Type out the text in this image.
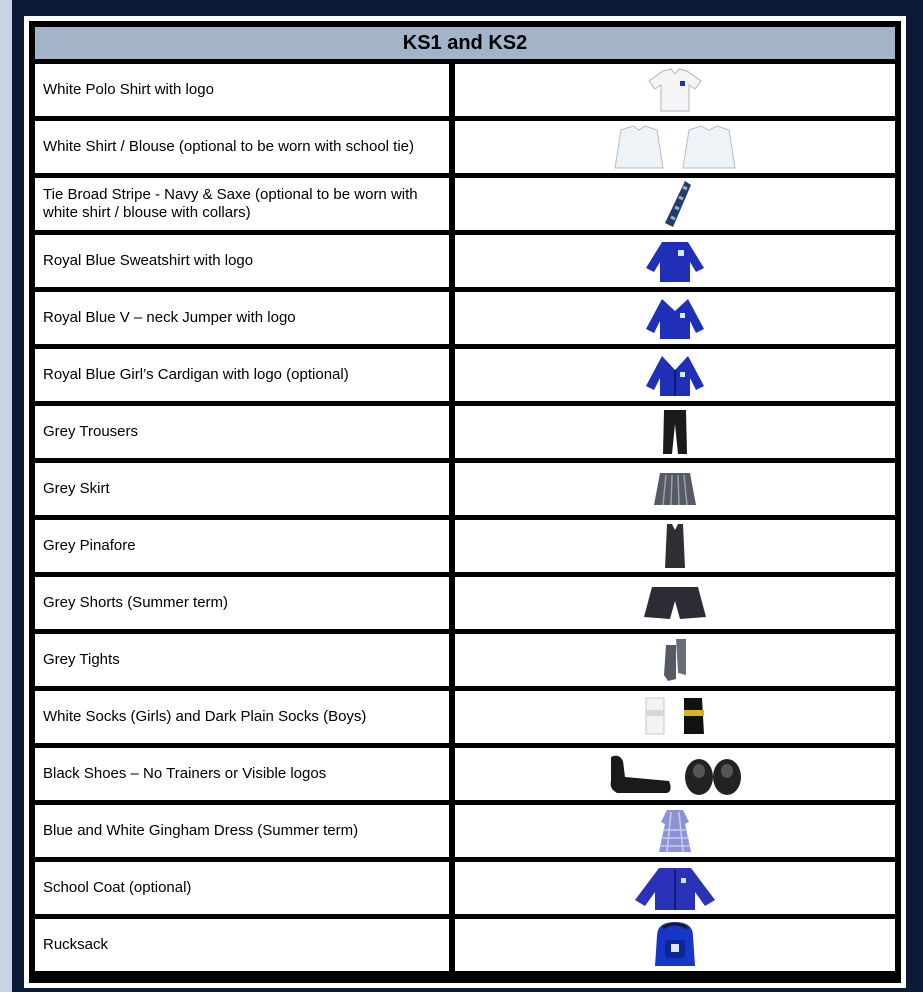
KS1 and KS2
White Polo Shirt with logo
White Shirt / Blouse (optional to be worn with school tie)
Tie Broad Stripe - Navy & Saxe (optional to be worn with white shirt / blouse with collars)
Royal Blue Sweatshirt with logo
Royal Blue V – neck Jumper with logo
Royal Blue Girl’s Cardigan with logo (optional)
Grey Trousers
Grey Skirt
Grey Pinafore
Grey Shorts (Summer term)
Grey Tights
White Socks (Girls) and Dark Plain Socks (Boys)
Black Shoes – No Trainers or Visible logos
Blue and White Gingham Dress (Summer term)
School Coat (optional)
Rucksack
